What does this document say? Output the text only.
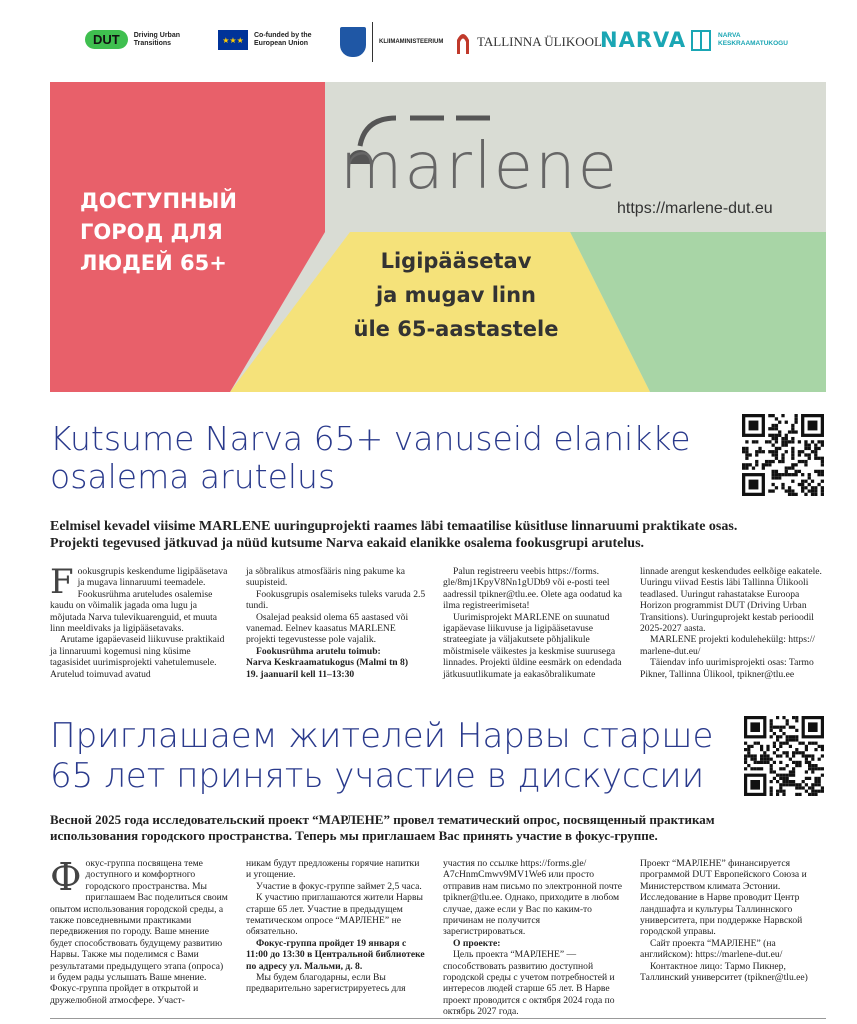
DUT	Driving Urban Transitions	★★★	Co-funded by the European Union	KLIIMAMINISTEERIUM	TALLINNA ÜLIKOOL
NARVA	NARVA KESKRAAMATUKOGU
marlene
https://marlene-dut.eu
ДОСТУПНЫЙ
ГОРОД ДЛЯ
ЛЮДЕЙ 65+	Ligipääsetav
ja mugav linn
üle 65-aastastele
Kutsume Narva 65+ vanuseid elanikke
osalema arutelus
Eelmisel kevadel viisime MARLENE uuringuprojekti raames läbi temaatilise küsitluse linnaruumi praktikate osas.
Projekti tegevused jätkuvad ja nüüd kutsume Narva eakaid elanikke osalema fookusgrupi arutelus.
F ookusgrupis keskendume ligipääsetava ja mugava linnaruumi teemadele. Fookusrühma aruteludes osalemise kaudu on võimalik jagada oma lugu ja mõjutada Narva tulevikuarenguid, et muuta linn meeldivaks ja ligipääsetavaks.

Arutame igapäevaseid liikuvuse praktikaid ja linnaruumi kogemusi ning küsime tagasisidet uurimisprojekti vahetulemusele. Arutelud toimuvad avatud

ja sõbralikus atmosfääris ning pakume ka suupisteid.

Fookusgrupis osalemiseks tuleks varuda 2.5 tundi.

Osalejad peaksid olema 65 aastased või vanemad. Eelnev kaasatus MARLENE projekti tegevustesse pole vajalik.

Fookusrühma arutelu toimub:

Narva Keskraamatukogus (Malmi tn 8)

19. jaanuaril kell 11–13:30

Palun registreeru veebis https://forms. gle/8mj1KpyV8Nn1gUDb9 või e-posti teel aadressil tpikner@tlu.ee. Olete aga oodatud ka ilma registreerimiseta!

Uurimisprojekt MARLENE on suunatud igapäevase liikuvuse ja ligipääsetavuse strateegiate ja väljakutsete põhjalikule mõistmisele väikestes ja keskmise suurusega linnades. Projekti üldine eesmärk on edendada jätkusuutlikumate ja eakasõbralikumate

linnade arengut keskendudes eelkõige eakatele. Uuringu viivad Eestis läbi Tallinna Ülikooli teadlased. Uuringut rahastatakse Euroopa Horizon programmist DUT (Driving Urban Transitions). Uuringuprojekt kestab perioodil 2025-2027 aasta.

MARLENE projekti kodulehekülg: https:// marlene-dut.eu/

Täiendav info uurimisprojekti osas: Tarmo Pikner, Tallinna Ülikool, tpikner@tlu.ee

Приглашаем жителей Нарвы старше
65 лет принять участие в дискуссии
Весной 2025 года исследовательский проект “МАРЛЕНЕ” провел тематический опрос, посвященный практикам
использования городского пространства. Теперь мы приглашаем Вас принять участие в фокус-группе.
Ф окус-группа посвящена теме доступного и комфортного городского пространства. Мы приглашаем Вас поделиться своим опытом использования городской среды, а также повседневными практиками передвижения по городу. Ваше мнение будет способствовать будущему развитию Нарвы. Также мы поделимся с Вами результатами предыдущего этапа (опроса) и будем рады услышать Ваше мнение. Фокус-группа пройдет в открытой и дружелюбной атмосфере. Участ-

никам будут предложены горячие напитки и угощение.

Участие в фокус-группе займет 2,5 часа.

К участию приглашаются жители Нарвы старше 65 лет. Участие в предыдущем тематическом опросе “МАРЛЕНЕ” не обязательно.

Фокус-группа пройдет 19 января с 11:00 до 13:30 в Центральной библиотеке по адресу ул. Мальми, д. 8.

Мы будем благодарны, если Вы предварительно зарегистрируетесь для

участия по ссылке https://forms.gle/ A7cHnmCmwv9MV1We6 или просто отправив нам письмо по электронной почте tpikner@tlu.ee. Однако, приходите в любом случае, даже если у Вас по каким-то причинам не получится зарегистрироваться.

О проекте:

Цель проекта “МАРЛЕНЕ” — способствовать развитию доступной городской среды с учетом потребностей и интересов людей старше 65 лет. В Нарве проект проводится с октября 2024 года по октябрь 2027 года.

Проект “МАРЛЕНЕ” финансируется программой DUT Европейского Союза и Министерством климата Эстонии. Исследование в Нарве проводит Центр ландшафта и культуры Таллиннского университета, при поддержке Нарвской городской управы.

Сайт проекта “МАРЛЕНЕ” (на английском): https://marlene-dut.eu/

Контактное лицо: Тармо Пикнер, Таллинский университет (tpikner@tlu.ee)
